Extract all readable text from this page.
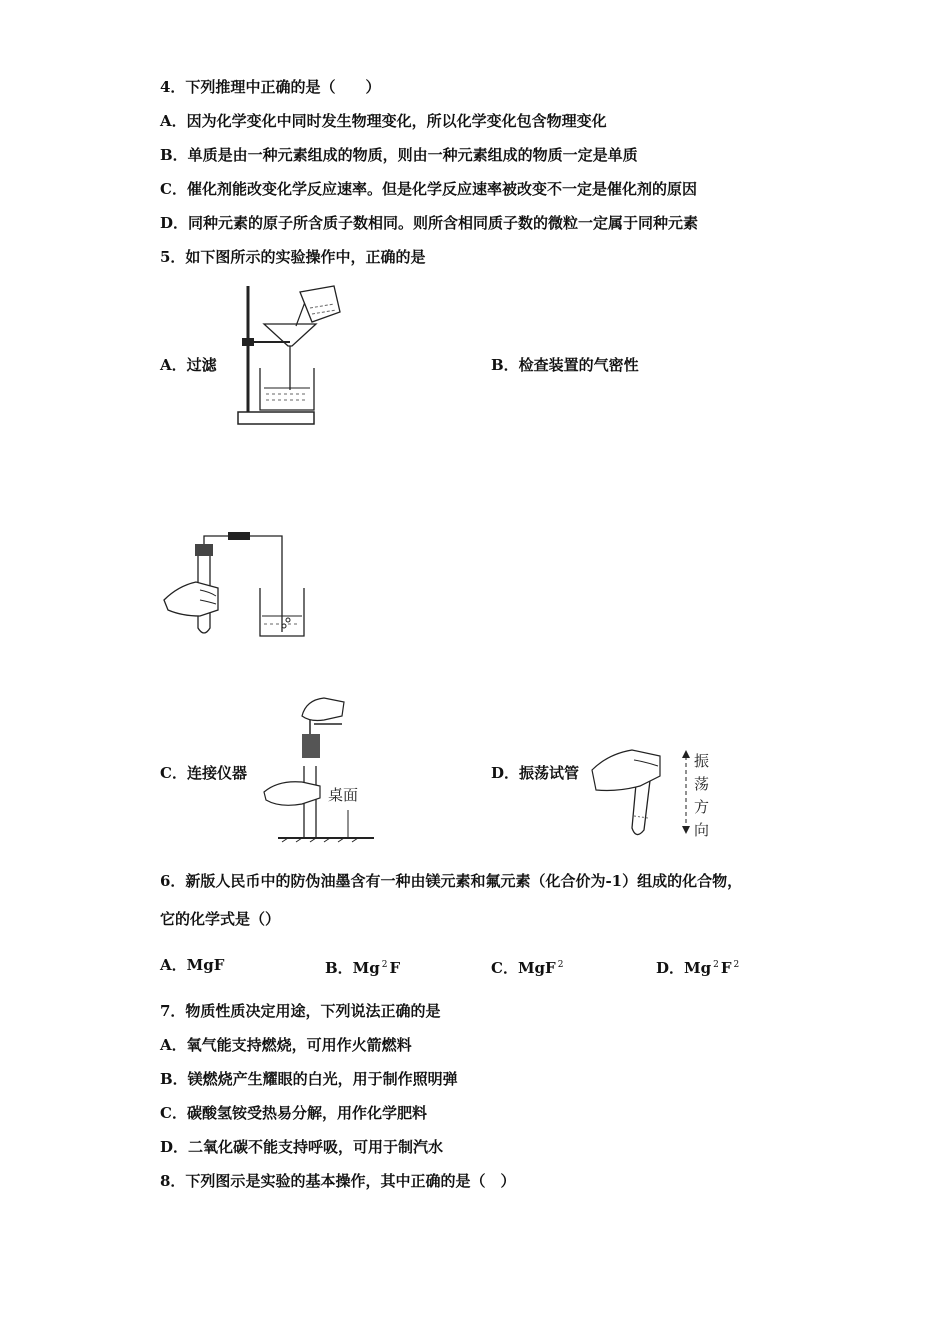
4．下列推理中正确的是（　　）
A．因为化学变化中同时发生物理变化，所以化学变化包含物理变化
B．单质是由一种元素组成的物质，则由一种元素组成的物质一定是单质
C．催化剂能改变化学反应速率。但是化学反应速率被改变不一定是催化剂的原因
D．同种元素的原子所含质子数相同。则所含相同质子数的微粒一定属于同种元素
5．如下图所示的实验操作中，正确的是
A．过滤	B．检查装置的气密性
C．连接仪器	D．振荡试管
桌面
振
荡
方
向
6．新版人民币中的防伪油墨含有一种由镁元素和氟元素（化合价为-1）组成的化合物，
它的化学式是（）
A．MgF	B．Mg $^2$ F	C．MgF $^2$	D．Mg $^2$ F $^2$
7．物质性质决定用途，下列说法正确的是
A．氧气能支持燃烧，可用作火箭燃料
B．镁燃烧产生耀眼的白光，用于制作照明弹
C．碳酸氢铵受热易分解，用作化学肥料
D．二氧化碳不能支持呼吸，可用于制汽水
8．下列图示是实验的基本操作，其中正确的是（　）
